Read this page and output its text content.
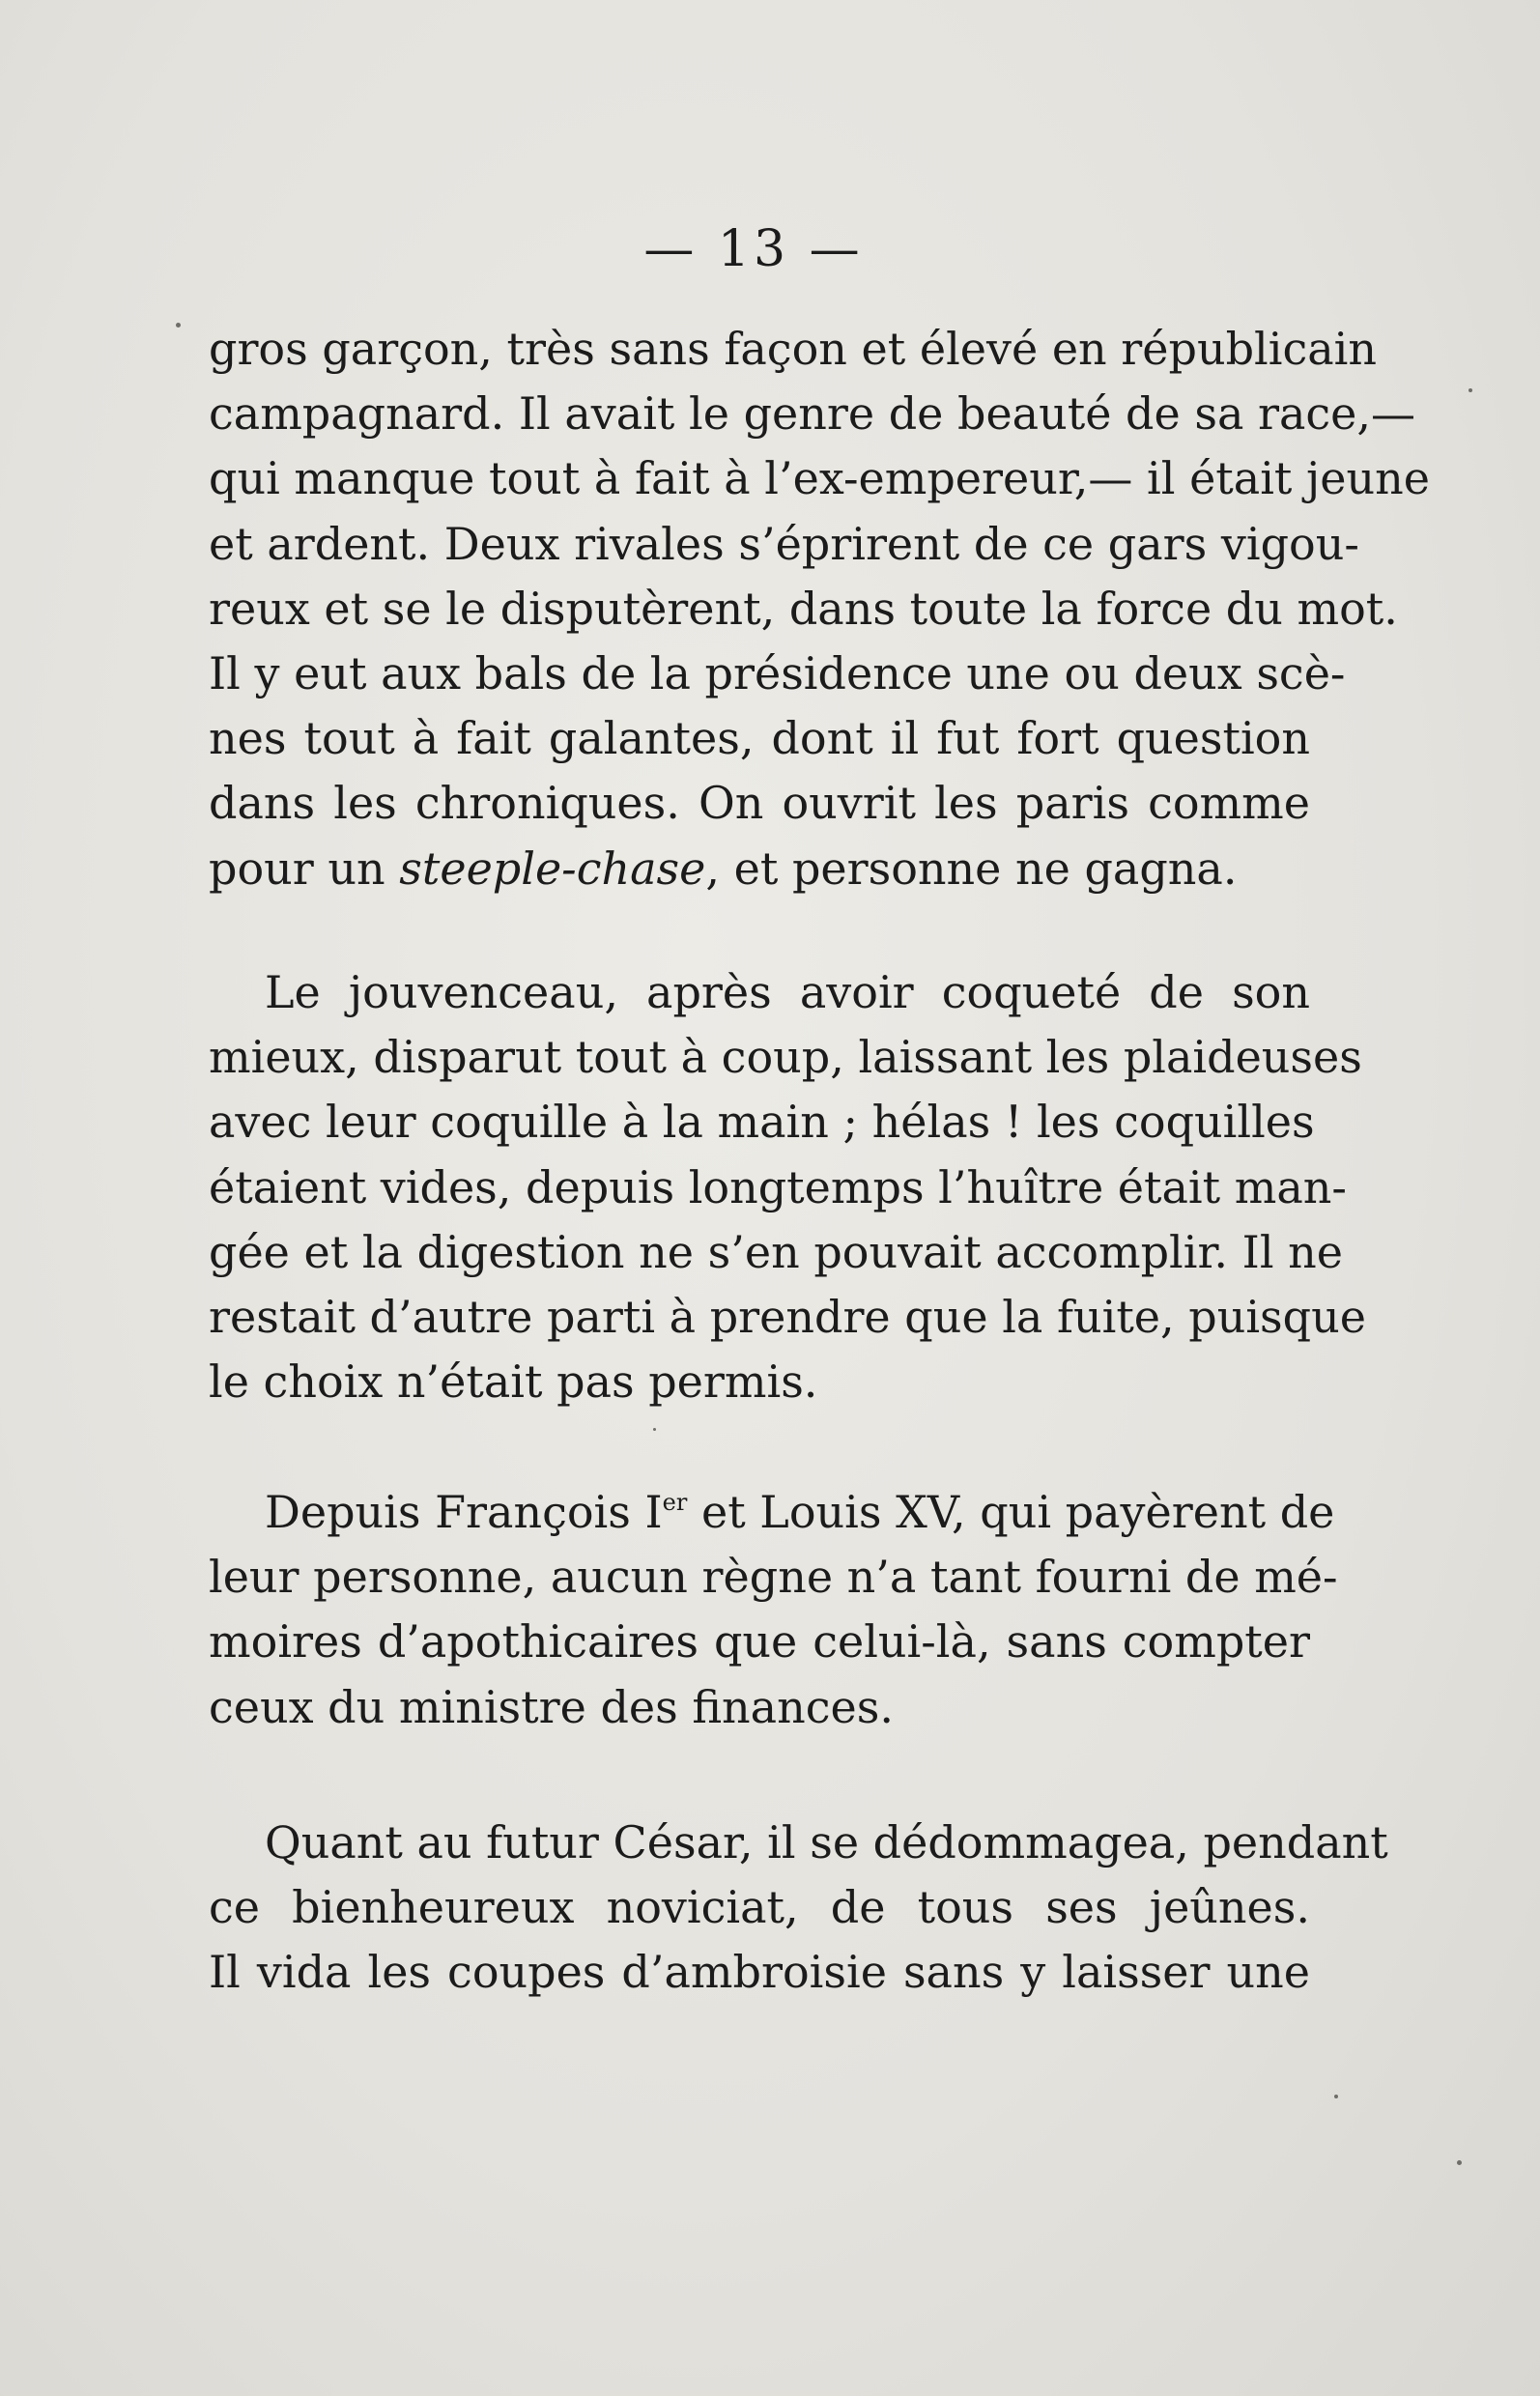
— 13 —
gros garçon, très sans façon et élevé en républicain
campagnard. Il avait le genre de beauté de sa race,—
qui manque tout à fait à l’ex-empereur,— il était jeune
et ardent. Deux rivales s’éprirent de ce gars vigou-
reux et se le disputèrent, dans toute la force du mot.
Il y eut aux bals de la présidence une ou deux scè-
nes tout à fait galantes, dont il fut fort question
dans les chroniques. On ouvrit les paris comme
pour un steeple-chase, et personne ne gagna.
Le jouvenceau, après avoir coqueté de son
mieux, disparut tout à coup, laissant les plaideuses
avec leur coquille à la main ; hélas ! les coquilles
étaient vides, depuis longtemps l’huître était man-
gée et la digestion ne s’en pouvait accomplir. Il ne
restait d’autre parti à prendre que la fuite, puisque
le choix n’était pas permis.
Depuis François Ier et Louis XV, qui payèrent de
leur personne, aucun règne n’a tant fourni de mé-
moires d’apothicaires que celui-là, sans compter
ceux du ministre des finances.
Quant au futur César, il se dédommagea, pendant
ce bienheureux noviciat, de tous ses jeûnes.
Il vida les coupes d’ambroisie sans y laisser une
